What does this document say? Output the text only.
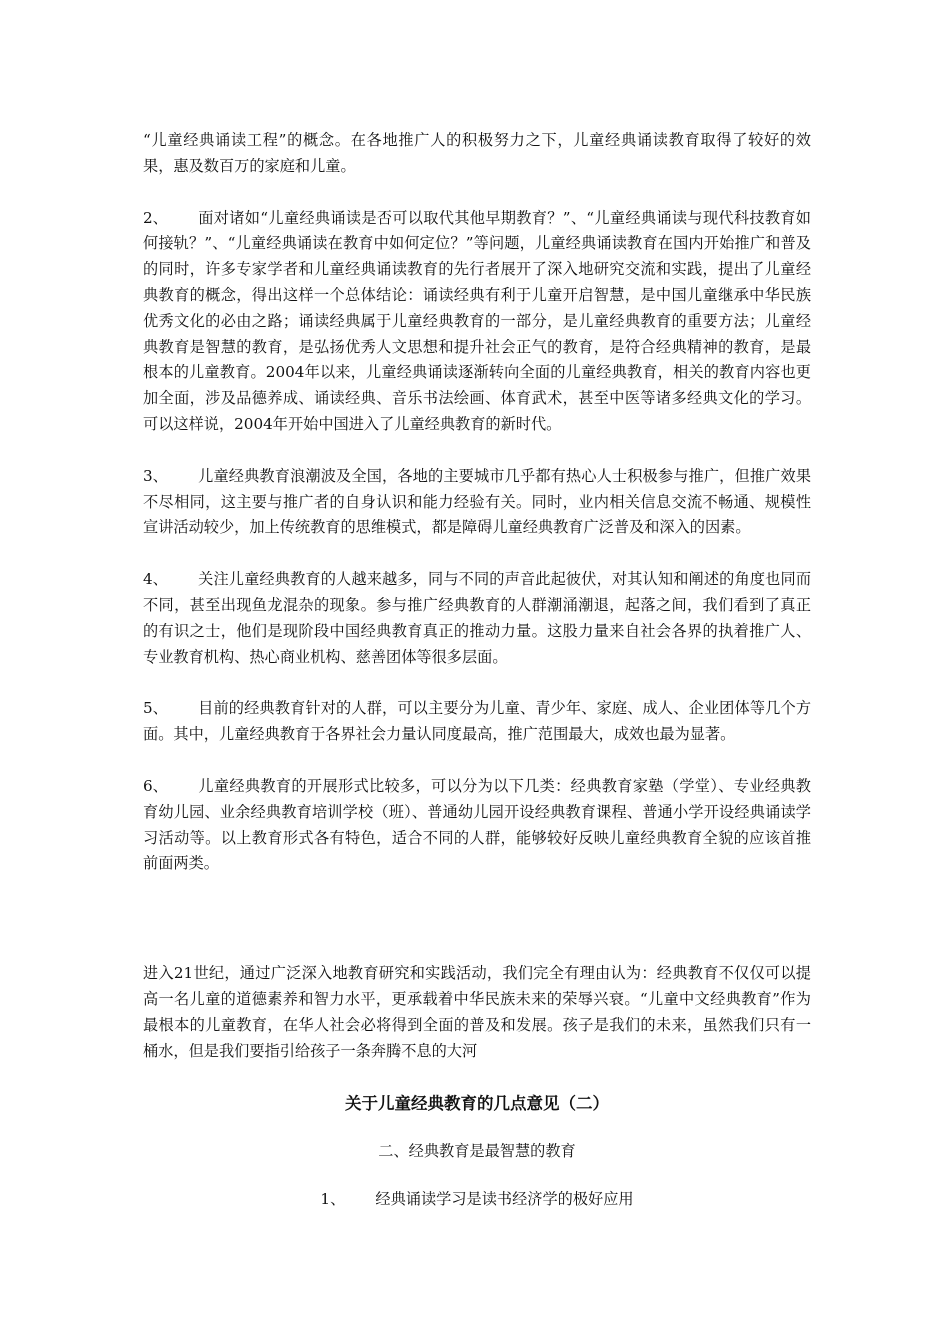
“儿童经典诵读工程”的概念。在各地推广人的积极努力之下，儿童经典诵读教育取得了较好的效果，惠及数百万的家庭和儿童。

2、 面对诸如“儿童经典诵读是否可以取代其他早期教育？”、“儿童经典诵读与现代科技教育如何接轨？”、“儿童经典诵读在教育中如何定位？”等问题，儿童经典诵读教育在国内开始推广和普及的同时，许多专家学者和儿童经典诵读教育的先行者展开了深入地研究交流和实践，提出了儿童经典教育的概念，得出这样一个总体结论：诵读经典有利于儿童开启智慧，是中国儿童继承中华民族优秀文化的必由之路；诵读经典属于儿童经典教育的一部分，是儿童经典教育的重要方法；儿童经典教育是智慧的教育，是弘扬优秀人文思想和提升社会正气的教育，是符合经典精神的教育，是最根本的儿童教育。2004年以来，儿童经典诵读逐渐转向全面的儿童经典教育，相关的教育内容也更加全面，涉及品德养成、诵读经典、音乐书法绘画、体育武术，甚至中医等诸多经典文化的学习。可以这样说，2004年开始中国进入了儿童经典教育的新时代。

3、 儿童经典教育浪潮波及全国，各地的主要城市几乎都有热心人士积极参与推广，但推广效果不尽相同，这主要与推广者的自身认识和能力经验有关。同时，业内相关信息交流不畅通、规模性宣讲活动较少，加上传统教育的思维模式，都是障碍儿童经典教育广泛普及和深入的因素。

4、 关注儿童经典教育的人越来越多，同与不同的声音此起彼伏，对其认知和阐述的角度也同而不同，甚至出现鱼龙混杂的现象。参与推广经典教育的人群潮涌潮退，起落之间，我们看到了真正的有识之士，他们是现阶段中国经典教育真正的推动力量。这股力量来自社会各界的执着推广人、专业教育机构、热心商业机构、慈善团体等很多层面。

5、 目前的经典教育针对的人群，可以主要分为儿童、青少年、家庭、成人、企业团体等几个方面。其中，儿童经典教育于各界社会力量认同度最高，推广范围最大，成效也最为显著。

6、 儿童经典教育的开展形式比较多，可以分为以下几类：经典教育家塾（学堂）、专业经典教育幼儿园、业余经典教育培训学校（班）、普通幼儿园开设经典教育课程、普通小学开设经典诵读学习活动等。以上教育形式各有特色，适合不同的人群，能够较好反映儿童经典教育全貌的应该首推前面两类。

进入21世纪，通过广泛深入地教育研究和实践活动，我们完全有理由认为：经典教育不仅仅可以提高一名儿童的道德素养和智力水平，更承载着中华民族未来的荣辱兴衰。“儿童中文经典教育”作为最根本的儿童教育，在华人社会必将得到全面的普及和发展。孩子是我们的未来，虽然我们只有一桶水，但是我们要指引给孩子一条奔腾不息的大河

关于儿童经典教育的几点意见（二）

二、经典教育是最智慧的教育

1、 经典诵读学习是读书经济学的极好应用
